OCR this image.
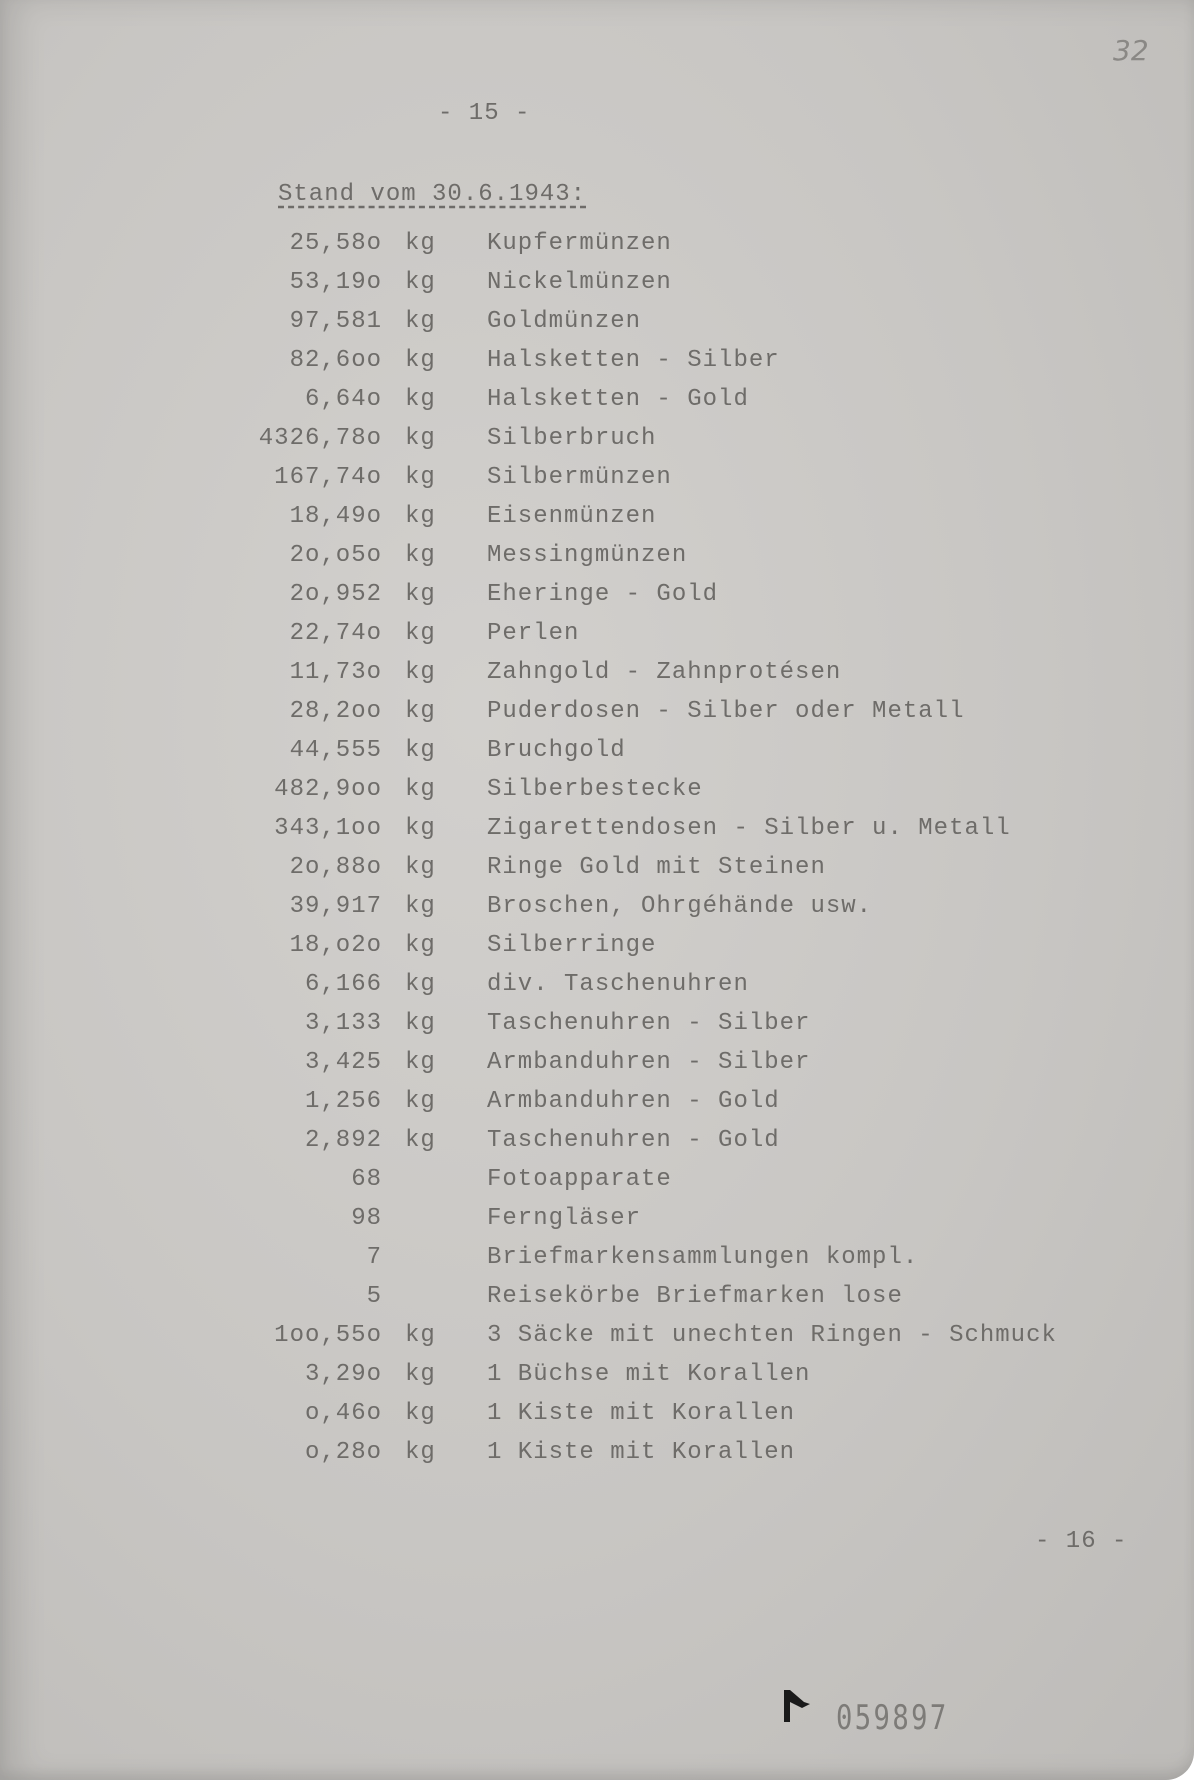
32
- 15 -
Stand vom 30.6.1943:
25,58o kg Kupfermünzen
53,19o kg Nickelmünzen
97,581 kg Goldmünzen
82,6oo kg Halsketten - Silber
6,64o kg Halsketten - Gold
4326,78o kg Silberbruch
167,74o kg Silbermünzen
18,49o kg Eisenmünzen
2o,o5o kg Messingmünzen
2o,952 kg Eheringe - Gold
22,74o kg Perlen
11,73o kg Zahngold - Zahnprotésen
28,2oo kg Puderdosen - Silber oder Metall
44,555 kg Bruchgold
482,9oo kg Silberbestecke
343,1oo kg Zigarettendosen - Silber u. Metall
2o,88o kg Ringe Gold mit Steinen
39,917 kg Broschen, Ohrgéhände usw.
18,o2o kg Silberringe
6,166 kg div. Taschenuhren
3,133 kg Taschenuhren - Silber
3,425 kg Armbanduhren - Silber
1,256 kg Armbanduhren - Gold
2,892 kg Taschenuhren - Gold
68	Fotoapparate
98	Ferngläser
7	Briefmarkensammlungen kompl.
5	Reisekörbe Briefmarken lose
1oo,55o kg 3 Säcke mit unechten Ringen - Schmuck
3,29o kg 1 Büchse mit Korallen
o,46o kg 1 Kiste mit Korallen
o,28o kg 1 Kiste mit Korallen
- 16 -
059897
